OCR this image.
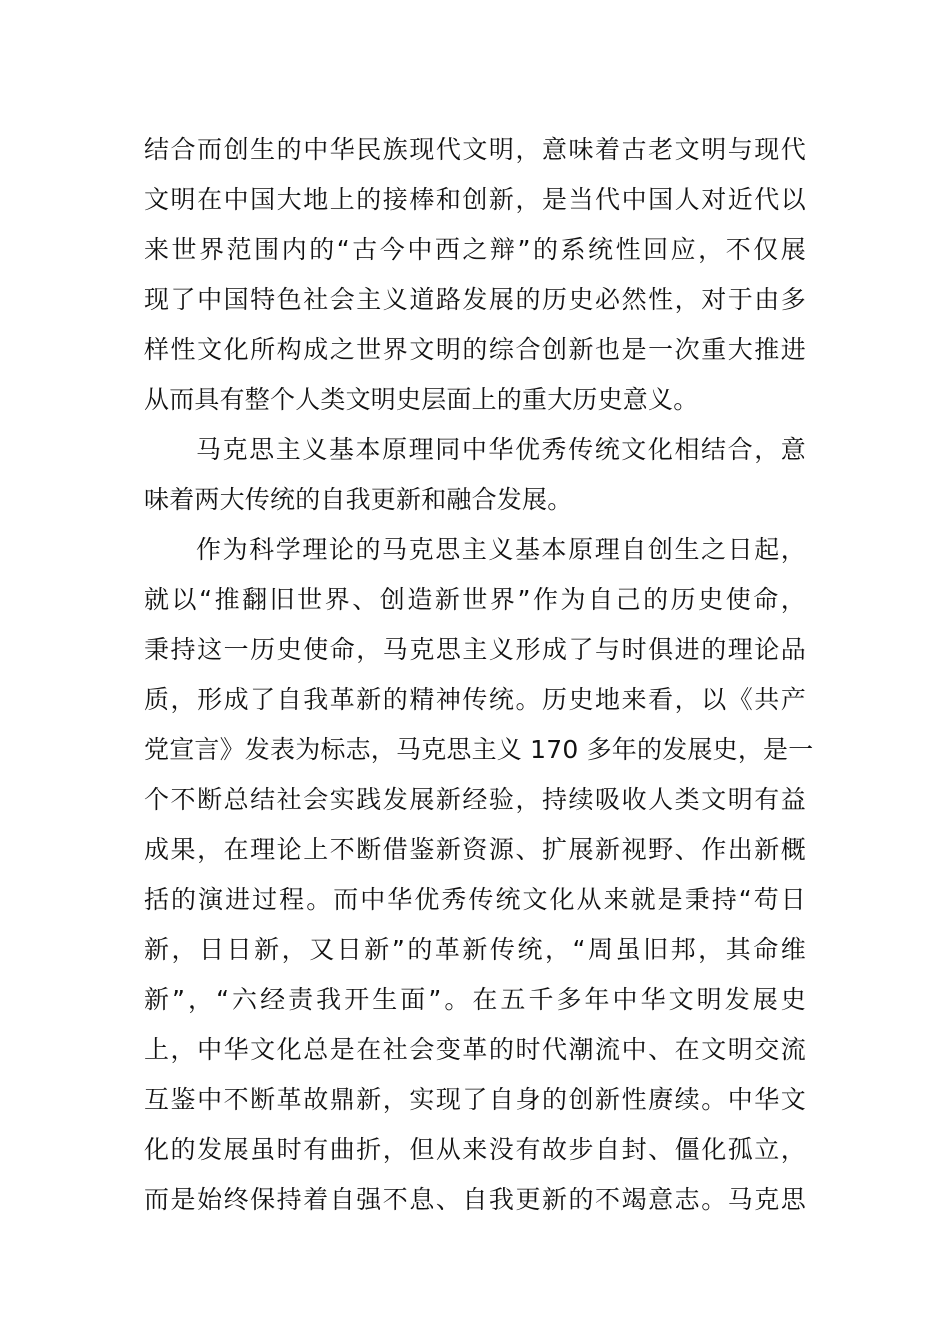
结合而创生的中华民族现代文明，意味着古老文明与现代
文明在中国大地上的接棒和创新，是当代中国人对近代以
来世界范围内的“古今中西之辩”的系统性回应，不仅展
现了中国特色社会主义道路发展的历史必然性，对于由多
样性文化所构成之世界文明的综合创新也是一次重大推进
从而具有整个人类文明史层面上的重大历史意义。
马克思主义基本原理同中华优秀传统文化相结合，意
味着两大传统的自我更新和融合发展。
作为科学理论的马克思主义基本原理自创生之日起，
就以“推翻旧世界、创造新世界”作为自己的历史使命，
秉持这一历史使命，马克思主义形成了与时俱进的理论品
质，形成了自我革新的精神传统。历史地来看，以《共产
党宣言》发表为标志，马克思主义 170 多年的发展史，是一
个不断总结社会实践发展新经验，持续吸收人类文明有益
成果，在理论上不断借鉴新资源、扩展新视野、作出新概
括的演进过程。而中华优秀传统文化从来就是秉持“苟日
新，日日新，又日新”的革新传统，“周虽旧邦，其命维
新”，“六经责我开生面”。在五千多年中华文明发展史
上，中华文化总是在社会变革的时代潮流中、在文明交流
互鉴中不断革故鼎新，实现了自身的创新性赓续。中华文
化的发展虽时有曲折，但从来没有故步自封、僵化孤立，
而是始终保持着自强不息、自我更新的不竭意志。马克思
